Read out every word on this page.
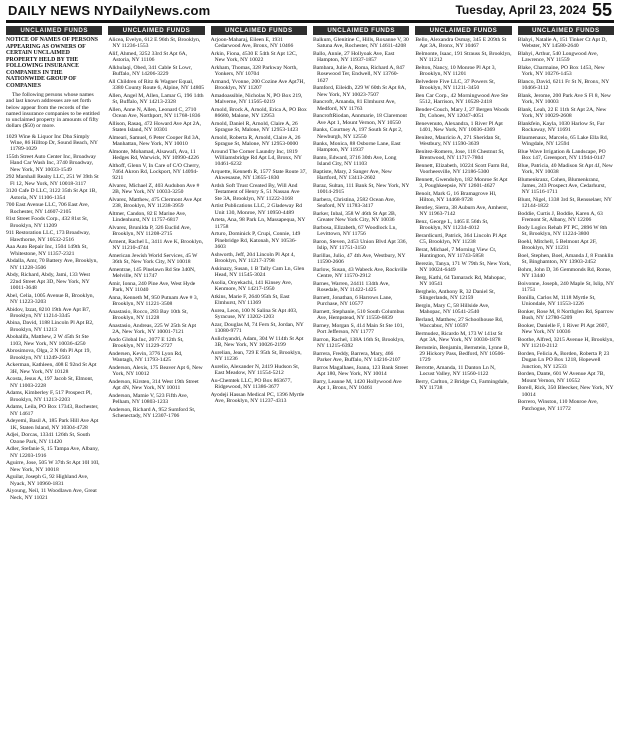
DAILY NEWS NYDailyNews.com	Tuesday, April 23, 2024 55
UNCLAIMED FUNDS
NOTICE OF NAMES OF PERSONS APPEARING AS OWNERS OF CERTAIN UNCLAIMED PROPERTY HELD BY THE FOLLOWING INSURANCE COMPANIES IN THE NATIONWIDE GROUP OF COMPANIES

The following persons whose names and last known addresses are set forth below appear from the records of the named insurance companies to be entitled to unclaimed property in amounts of fifty dollars ($50) or more.

1029 Wine & Liquor Inc Dba Simply Wine, 86 Hilltop Dr, Sound Beach, NY 11789-1029

155th Street Auto Center Inc, Broadway Hand Car Wash Inc, 3740 Broadway, New York, NY 10033-1549

292 Marshall Realty LLC, 251 W 39th St Fl 12, New York, NY 10018-3117

3120 Cafe D LLC, 3122 35th St Apt 1B, Astoria, NY 11106-1354

700 East Avenue LLC, 706 East Ave, Rochester, NY 14607-2105

81st Street Foods Corp., 432 81st St, Brooklyn, NY 11209

911 Restoration LLC, 173 Broadway, Hawthorne, NY 10532-2516

Aaa Auto Repair Inc, 1504 149th St, Whitestone, NY 11357-2321

Abdalla, Amr, 70 Battery Ave, Brooklyn, NY 11228-3506

Abdy, Richard, Abdy, Jami, 133 West 22nd Street Apt 3D, New York, NY 10011-3648

Abel, Celia, 1005 Avenue R, Brooklyn, NY 11223-3203

Abidov, Izzat, 8210 19th Ave Apt B7, Brooklyn, NY 11214-3345

Abina, David, 1188 Lincoln Pl Apt B2, Brooklyn, NY 11213

Abohalifa, Matthew, 2 W 45th St Ste 1103, New York, NY 10036-4250

Abrosimova, Olga, 2 N 6th Pl Apt 19, Brooklyn, NY 11249-2503

Ackerman, Kathleen, 408 E 92nd St Apt 3H, New York, NY 10128

Acosta, Jesus A, 197 Jacob St, Elmont, NY 11003-2228

Adams, Kimberley F, 517 Prospect Pl, Brooklyn, NY 11213-2203

Adams, Leila, PO Box 17343, Rochester, NY 14617

Adeyemi, Basil A, 185 Park Hill Ave Apt 1K, Staten Island, NY 10304-4728

Adjei, Dorcas, 13341 126th St, South Ozone Park, NY 11420

Adler, Stefanie S, 15 Tampa Ave, Albany, NY 12203-1916

Aguirre, Jose, 505 W 37th St Apt 10I 10I, New York, NY 10018

Aguilar, Joseph G, 92 Highland Ave, Nyack, NY 10960-1831

Aiyoung, Neil, 11 Woodlawn Ave, Great Neck, NY 11021

UNCLAIMED FUNDS

Alicea, Evelyn, 612 E 96th St, Brooklyn, NY 11236-1553

Alif, Ahmed, 3252 33rd St Apt 6A, Astoria, NY 11106

Alkhulaqi, Obed, 341 Cable St Lowr, Buffalo, NY 14206-3229

All Children of Ritz & Wagner Equal, 3380 County Route 6, Alpine, NY 14805

Allen, Angel M, Allen, Lamar G, 196 14th St, Buffalo, NY 14213-2328

Allen, Anne N, Allen, Leonard C, 2710 Ocean Ave, Northport, NY 11768-1836

Allison, Rasaq, 472 Howard Ave Apt 2A, Staten Island, NY 10301

Almeari, Samuel, 6 Peter Cooper Rd 3A, Manhattan, New York, NY 10010

Almonte, Mohamad, Alsawafi, Ava, 11 Hedges Rd, Warwick, NY 10990-4226

Althoff, Glenn V, In Care of C/O Cherry, 7464 Akron Rd, Lockport, NY 14094-9211

Alvarez, Michael Z, 403 Audubon Ave # 2B, New York, NY 10033-3250

Alvarez, Matthew, 475 Clermont Ave Apt 238, Brooklyn, NY 11238-3959

Altmer, Candon, 82 E Marine Ave, Lindenhurst, NY 11757-6817

Alvarez, Brunilda P, 326 Euclid Ave, Brooklyn, NY 11208-2715

Arment, Rachel L, 3411 Ave K, Brooklyn, NY 11210-4744

American Jewish World Services, 45 W 36th St, New York City, NY 10018

Amentrae, 145 Pinelawn Rd Ste 340N, Melville, NY 11747

Amir, Ionna, 240 Pine Ave, West Hyde Park, NY 11040

Anna, Kenneth M, 950 Putnam Ave # 3, Brooklyn, NY 11221-3508

Anastasio, Rocco, 283 Bay 10th St, Brooklyn, NY 11228

Anastasio, Andreas, 225 W 25th St Apt 2A, New York, NY 10001-7121

Ando Global Inc, 2077 E 12th St, Brooklyn, NY 11229-2727

Andersen, Kevin, 3776 Lyon Rd, Wantagh, NY 11793-1425

Anderson, Alexis, 175 Beaver Apt 6, New York, NY 10012

Anderson, Kirsten, 314 West 19th Street Apt 4N, New York, NY 10011

Anderson, Mamie V, 523 Fifth Ave, Pelham, NY 10803-1233

Anderson, Richard A, 952 Sumford St, Schenectady, NY 12307-1706

UNCLAIMED FUNDS

Arjoon-Maharaj, Eileen E, 1931 Cedarwood Ave, Bronx, NY 10466

Arkin, Fiona, 4530 E 54th St Apt 12C, New York, NY 10022

Arkham, Thomas, 328 Parkway North, Yonkers, NY 10704

Armand, Yvonne, 200 Cozine Ave Apt7H, Brooklyn, NY 11207

Amadoassibie, Nicholas N, PO Box 219, Malverne, NY 11565-0219

Arnold, Brock A, Arnold, Erica A, PO Box 86680, Malone, NY 12953

Arnold, Daniel R, Arnold, Claire A, 26 Sprague St, Malone, NY 12953-1423

Arnold, Roberta R, Arnold, Claire A, 26 Sprague St, Malone, NY 12953-0000

Around The Corner Laundry Inc, 1819 Williamsbridge Rd Apt Ld, Bronx, NY 10461-6232

Arquette, Kenneth R, 1577 State Route 37, Akwesasne, NY 13655-1830

Ardsh Soft Trust Created By, Will And Testament of Henry S, 51 Nassau Ave Ste 3A, Brooklyn, NY 11222-3168

Artist Publications LLC, 2 Gladeway Rd Unit 130, Monroe, NY 10950-4489

Arteta, Ana, 98 Park Ln, Massapequa, NY 11758

Arturo, Dominick P, Crupi, Connie, 149 Pinebridge Rd, Katonah, NY 10536-3603

Ashworth, Jeff, 204 Lincoln Pl Apt 4, Brooklyn, NY 11217-3798

Askinazy, Susan, 1 B Tally Cam Ln, Glen Head, NY 11545-3024

Asolia, Onyekachi, 141 Kinsey Ave, Kenmore, NY 14217-1950

Atkins, Marie F, 2640 95th St, East Elmhurst, NY 11369

Aurea, Leon, 100 N Salina St Apt 403, Syracuse, NY 13202-1203

Azar, Douglas M, 74 Fern St, Jordan, NY 13080-9771

Aulichyandri, Adam, 304 W 114th St Apt 3B, New York, NY 10026-2199

Aurelian, Jean, 729 E 95th St, Brooklyn, NY 11236

Aurelio, Alexander N, 2419 Hudson St, East Meadow, NY 11554-5212

Au-Chemtek LLC, PO Box 863677, Ridgewood, NY 11386-3677

Ayodeji Hassan Medical PC, 1396 Myrtle Ave, Brooklyn, NY 11237-4313

UNCLAIMED FUNDS

Balkum, Glenitine C, Hills, Roxanne V, 30 Satuna Ave, Rochester, NY 14611-4208

Ballo, Annie, 27 Hollyoak Ave, East Hampton, NY 11937-1857

Bambara, Julie A, Roma, Richard A, 847 Rosewood Ter, Endwell, NY 13760-1627

Bamford, Eileidh, 229 W 60th St Apt 8A, New York, NY 10023-7507

Bancroft, Amanda, 81 Elmhurst Ave, Medford, NY 11763

BancroftRiodan, Annmarie, 18 Claremont Ave Apt 1, Mount Vernon, NY 10550

Banks, Courtney A, 197 South St Apt 2, Newburgh, NY 12550

Banks, Monica, 88 Osborne Lane, East Hampton, NY 11937

Banto, Edward, 3716 30th Ave, Long Island City, NY 11103

Baptiste, Mary, 2 Sanger Ave, New Hartford, NY 13413-2602

Baraz, Sultan, 111 Bank St, New York, NY 10014-2915

Barbera, Christina, 2582 Ocean Ave, Seaford, NY 11783-3417

Barker, Inbal, 358 W 46th St Apt 2B, Greater New York City, NY 10036

Barbosa, Elizabeth, 67 Woodlock Ln, Levittown, NY 11756

Baron, Steven, 2453 Union Blvd Apt 336, Islip, NY 11751-3150

Barillas, Julio, 47 4th Ave, Westbury, NY 11590-2606

Barlow, Susan, 43 Wabeck Ave, Rockville Centre, NY 11570-2912

Barnes, Warren, 24411 134th Ave, Rosedale, NY 11422-1425

Barnett, Jonathan, 6 Harrows Lane, Purchase, NY 10577

Barnett, Stephanie, 510 South Columbus Ave, Hempstead, NY 11550-6839

Barney, Morgan S, 414 Main St Ste 101, Port Jefferson, NY 11777

Barron, Rachel, 138A 16th St, Brooklyn, NY 11215-6392

Barrera, Freddy, Barrera, Mary, 466 Parker Ave, Buffalo, NY 14216-2107

Barros Magalhaes, Joana, 123 Bank Street Apt 180, New York, NY 10014

Barry, Leanne M, 1420 Hollywood Ave Apt 1, Bronx, NY 10461

UNCLAIMED FUNDS

Bello, Alexandra Osmay, 345 E 209th St Apt 3A, Bronx, NY 10467

Belmonte, Isaac, 191 Strauss St, Brooklyn, NY 11212

Belton, Nancy, 10 Monroe Pl Apt 3, Brooklyn, NY 11201

Belvedere Five LLC, 37 Powers St, Brooklyn, NY 11211-3450

Ben Car Corp., 42 Morningwood Ave Ste 5512, Harrison, NY 10528-2418

Bender-Couch, Mary J, 27 Bergen Woods Dr, Cohoes, NY 12047-4051

Benevenuto, Alexandra, 1 River Pl Apt 1401, New York, NY 10036-4369

Benitez, Mauricio A, 271 Sheridan St, Westbury, NY 11590-3639

Benitez-Romero, Jose, 118 Chestnut St, Brentwood, NY 11717-7804

Bennett, Elizabeth, 10224 Scott Farm Rd, Voorheesville, NY 12186-5300

Bennett, Gwendolyn, 182 Monroe St Apt 3, Poughkeepsie, NY 12601-4627

Benoit, Mark G, 16 Bramagrove Hl, Hilton, NY 14468-9728

Bentley, Sierra, 38 Auburn Ave, Amherst, NY 11963-7142

Benz, George L, 1465 E 56th St, Brooklyn, NY 11234-4012

Berardicurti, Patrick, 364 Lincoln Pl Apt C5, Brooklyn, NY 11238

Berat, Michael, 7 Morning View Ct, Huntington, NY 11743-5858

Berezin, Tanya, 171 W 79th St, New York, NY 10024-6449

Berg, Kathi, 64 Tamarack Rd, Mahopac, NY 10541

Berghelo, Anthony R, 32 Daniel St, Slingerlands, NY 12159

Bergin, Mary C, 58 Hillside Ave, Mahopac, NY 10541-2540

Berland, Matthew, 27 Schoolhouse Rd, Waccabuc, NY 10597

Bermudez, Ricardo M, 173 W 141st St Apt 3A, New York, NY 10030-1878

Bernstein, Benjamin, Bernstein, Lynne B, 29 Hickory Pass, Bedford, NY 10506-1729

Berrotte, Amanda, 11 Danton Ln N, Locust Valley, NY 11560-1122

Berry, Carlton, 2 Bridge Ct, Farmingdale, NY 11738

UNCLAIMED FUNDS

Blahyi, Natalie A, 151 Tinker Ct Apt D, Webster, NY 14580-2640

Blahyi, Arthur, 540 Longwood Ave, Lawrence, NY 11559

Blake, Charmaine, PO Box 1453, New York, NY 10276-1453

Blanco, David, 6211 Fr St N, Bronx, NY 10466-3112

Blank, Jerome, 200 Park Ave S Fl 8, New York, NY 10003

Blank, Leah, 22 E 11th St Apt 2A, New York, NY 10029-2608

Blankfein, Kayla, 1030 Harlow St, Far Rockaway, NY 11691

Blaumenaux, Marcelo, 65 Lake Ella Rd, Wingdale, NY 12594

Blue Wave Irrigation & Landscape, PO Box 147, Greenport, NY 11944-0147

Blue, Patricia, 40 Madison St Apt 4J, New York, NY 10038

Blumenkranz, Cohen, Blumenkranz, James, 243 Prospect Ave, Cedarhurst, NY 11516-1711

Blunt, Nigel, 1338 3rd St, Rensselaer, NY 12144-1822

Boddie, Curtis J, Boddie, Karen A, 63 Fremont St, Albany, NY 12206

Body Logics Rehab PT PC, 2896 W 8th St, Brooklyn, NY 11224-3800

Boehl, Mitchell, 5 Belmont Apt 2F, Brooklyn, NY 11231

Boel, Stephen, Boel, Amanda J, 8 Franklin St, Binghamton, NY 13903-2452

Bohm, John D, 36 Gemmonds Rd, Rome, NY 13440

Boivonne, Joseph, 240 Maple St, Islip, NY 11751

Bonilla, Carlos M, 1118 Myrtle St, Uniondale, NY 11553-1226

Bonker, Rose M, 8 Northglen Rd, Sparrow Bush, NY 12780-5209

Booker, Danielle F, 1 River Pl Apt 2607, New York, NY 10036

Boothe, Alfred, 3215 Avenue H, Brooklyn, NY 11210-2112

Borden, Felicia A, Borden, Roberta P, 23 Dugan Ln PO Box 1218, Hopewell Junction, NY 12533

Borden, Dante, 601 W Avenue Apt 7B, Mount Vernon, NY 10552

Borell, Rick, 350 Bleecker, New York, NY 10014

Borrero, Winston, 110 Monroe Ave, Patchogue, NY 11772
